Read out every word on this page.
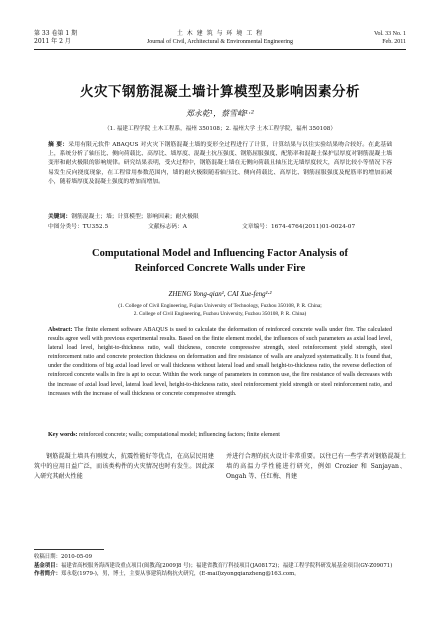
第 33 卷第 1 期
2011 年 2 月
土 木 建 筑 与 环 境 工 程
Journal of Civil, Architectural & Environmental Engineering
Vol. 33 No. 1
Feb. 2011
火灾下钢筋混凝土墙计算模型及影响因素分析
郑永乾¹，蔡雪峰¹·²
（1. 福建工程学院 土木工程系，福州 350108；2. 福州大学 土木工程学院，福州 350108）
摘 要：采用有限元软件 ABAQUS 对火灾下钢筋混凝土墙的变形全过程进行了计算，计算结果与以往实验结果吻合较好。在此基础上，系统分析了轴压比、侧向荷载比、高厚比、墙厚度、混凝土抗压强度、钢筋屈服强度、配筋率和混凝土保护层厚度对钢筋混凝土墙变形和耐火极限的影响规律。研究结果表明，受火过程中，钢筋混凝土墙在无侧向荷载且轴压比无墙厚度较大，高厚比较小等情况下容易发生反向挠度现象，在工程常用参数范围内，墙的耐火极限随着轴压比、侧向荷载比、高厚比、钢筋屈服强度及配筋率的增加而减小，随着墙厚度及混凝土强度的增加而增加。
关键词：钢筋混凝土；墙；计算模型；影响因素；耐火极限
中图分类号：TU352.5	文献标志码：A	文章编号：1674-4764(2011)01-0024-07
Computational Model and Influencing Factor Analysis of
Reinforced Concrete Walls under Fire
ZHENG Yong-qian¹, CAI Xue-feng¹·²
(1. College of Civil Engineering, Fujian University of Technology, Fuzhou 350108, P. R. China;
2. College of Civil Engineering, Fuzhou University, Fuzhou 350108, P. R. China)
Abstract: The finite element software ABAQUS is used to calculate the deformation of reinforced concrete walls under fire. The calculated results agree well with previous experimental results. Based on the finite element model, the influences of such parameters as axial load level, lateral load level, height-to-thickness ratio, wall thickness, concrete compressive strength, steel reinforcement yield strength, steel reinforcement ratio and concrete protection thickness on deformation and fire resistance of walls are analyzed systematically. It is found that, under the conditions of big axial load level or wall thickness without lateral load and small height-to-thickness ratio, the reverse deflection of reinforced concrete walls in fire is apt to occur. Within the work range of parameters in common use, the fire resistance of walls decreases with the increase of axial load level, lateral load level, height-to-thickness ratio, steel reinforcement yield strength or steel reinforcement ratio, and increases with the increase of wall thickness or concrete compressive strength.
Key words: reinforced concrete; walls; computational model; influencing factors; finite element
钢筋混凝土墙具有刚度大，抗震性能好等优点，在高层民用建筑中的应用日益广泛，而该类构件的火灾情况也时有发生。因此深入研究其耐火性能
并进行合理的抗火设计非常重要。以往已有一些学者对钢筋混凝土墙的高温力学性能进行研究，例如 Crozier 和 Sanjayan、Ongah 等、任红梅、肖建
收稿日期：2010-05-09
基金项目：福建省高校服务海西建设重点项目(闽教高[2009]8 号)；福建省教育厅科技项目(JA08172)；福建工程学院科研发展基金项目(GY-Z09071)
作者简介：郑永乾(1979-)，男，博士，主要从事建筑结构抗火研究，(E-mail)zyongqianzheng@163.com。
